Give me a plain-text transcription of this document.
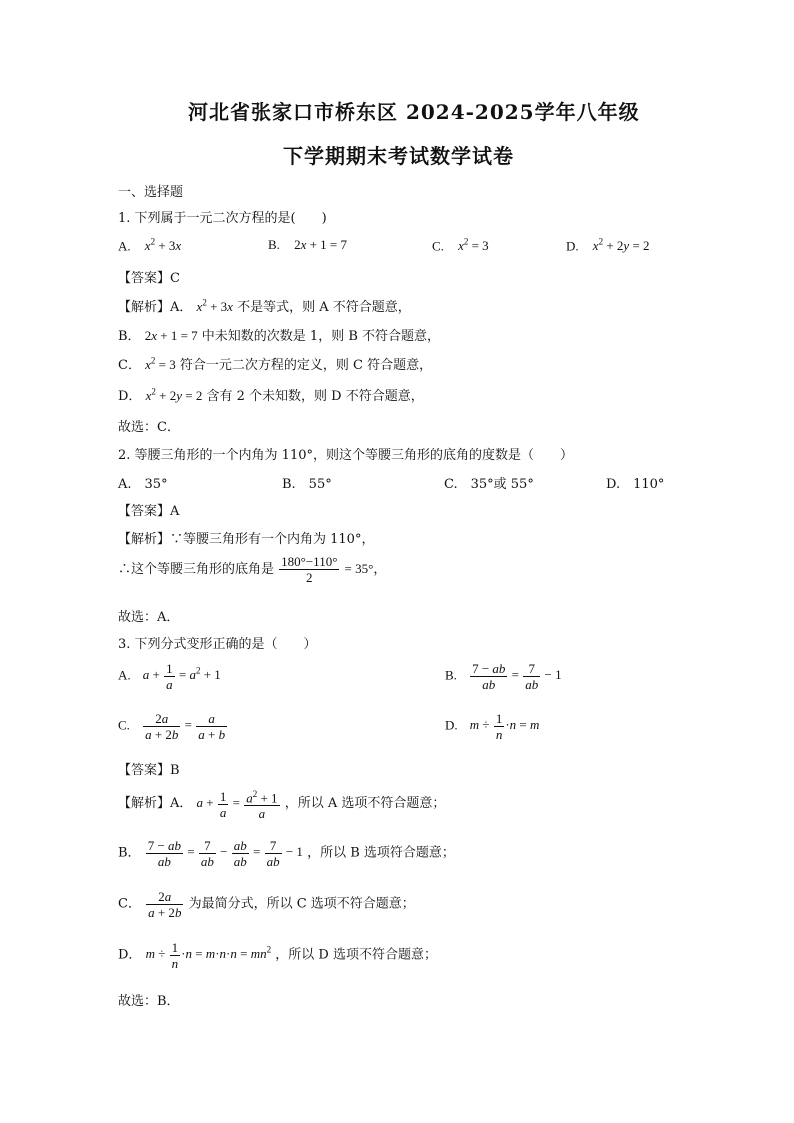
河北省张家口市桥东区 2024-2025学年八年级
下学期期末考试数学试卷
一、选择题
1. 下列属于一元二次方程的是(　　)
A. $x^2 + 3x$	B. 2x + 1 = 7	C. $x^2 = 3$	D. $x^2 + 2y = 2$
【答案】C
【解析】A． $x^2 + 3x$ 不是等式，则 A 不符合题意，
B． 2x + 1 = 7 中未知数的次数是 1，则 B 不符合题意，
C． $x^2 = 3$ 符合一元二次方程的定义，则 C 符合题意，
D． $x^2 + 2y = 2$ 含有 2 个未知数，则 D 不符合题意，
故选：C．
2. 等腰三角形的一个内角为 110°，则这个等腰三角形的底角的度数是（　　）
A.　35°	B.　55°	C.　35°或 55°	D.　110°
【答案】A
【解析】∵等腰三角形有一个内角为 110°，
∴这个等腰三角形的底角是 $\frac{180^\circ-110^\circ}{2} = 35^\circ$，
故选：A．
3. 下列分式变形正确的是（　　）
A. $a + \frac{1}{a} = a^2 + 1$	B. $\frac{7 - ab}{ab} = \frac{7}{ab} - 1$
C. $\frac{2a}{a + 2b} = \frac{a}{a + b}$	D. $m \div \frac{1}{n} \cdot n = m$
【答案】B
【解析】A． $a + \frac{1}{a} = \frac{a^2 + 1}{a}$ ，所以 A 选项不符合题意；
B． $\frac{7 - ab}{ab} = \frac{7}{ab} - \frac{ab}{ab} = \frac{7}{ab} - 1$ ，所以 B 选项符合题意；
C． $\frac{2a}{a + 2b}$ 为最简分式，所以 C 选项不符合题意；
D． $m \div \frac{1}{n} \cdot n = m\cdot n\cdot n = mn^2$ ，所以 D 选项不符合题意；
故选：B．
